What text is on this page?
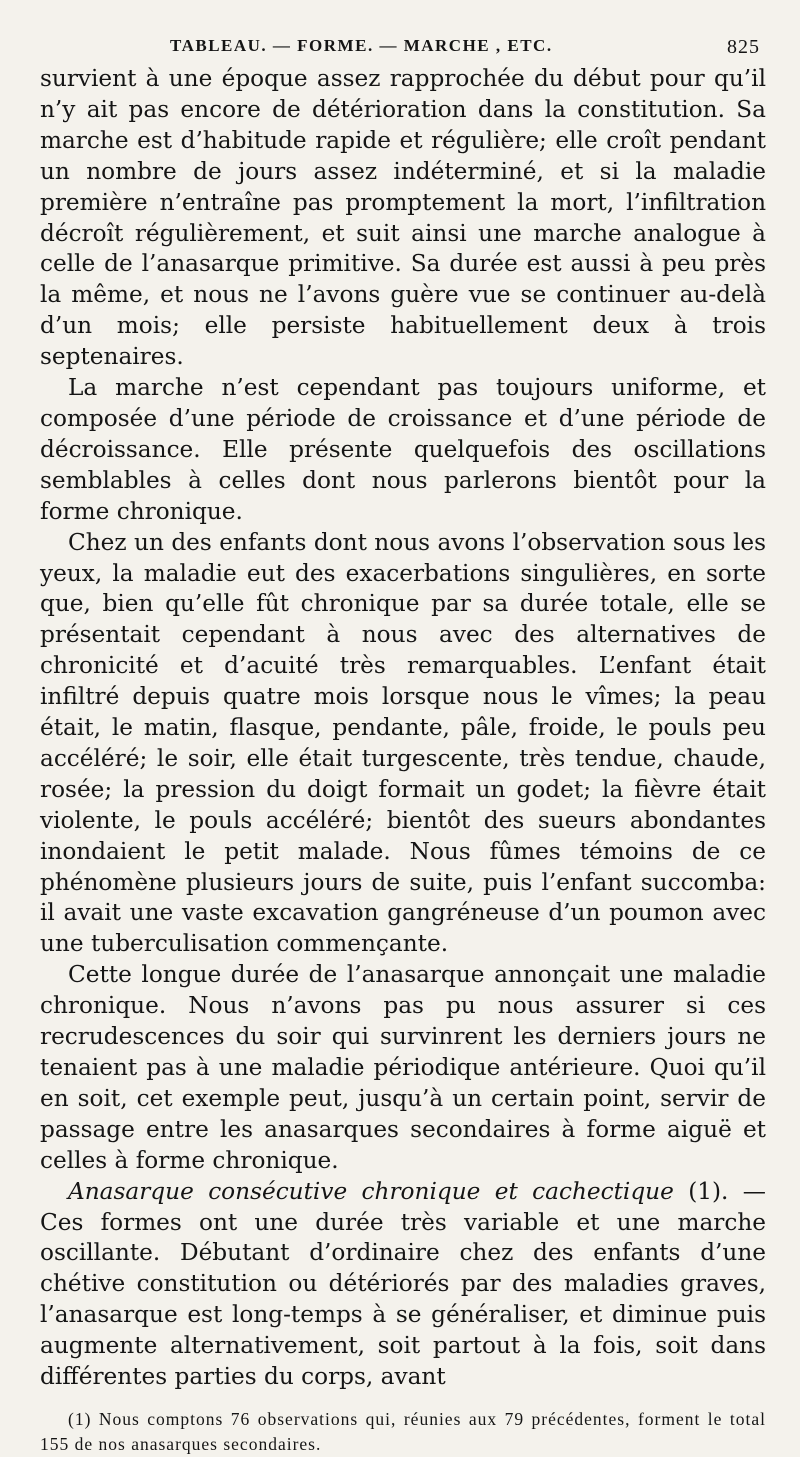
TABLEAU. — FORME. — MARCHE , ETC.	825

survient à une époque assez rapprochée du début pour qu’il n’y ait pas encore de détérioration dans la constitution. Sa marche est d’habitude rapide et régulière; elle croît pendant un nombre de jours assez indéterminé, et si la maladie première n’entraîne pas promptement la mort, l’infiltration décroît régulièrement, et suit ainsi une marche analogue à celle de l’anasarque primitive. Sa durée est aussi à peu près la même, et nous ne l’avons guère vue se continuer au-delà d’un mois; elle persiste habituellement deux à trois septenaires.

La marche n’est cependant pas toujours uniforme, et composée d’une période de croissance et d’une période de décroissance. Elle présente quelquefois des oscillations semblables à celles dont nous parlerons bientôt pour la forme chronique.

Chez un des enfants dont nous avons l’observation sous les yeux, la maladie eut des exacerbations singulières, en sorte que, bien qu’elle fût chronique par sa durée totale, elle se présentait cependant à nous avec des alternatives de chronicité et d’acuité très remarquables. L’enfant était infiltré depuis quatre mois lorsque nous le vîmes; la peau était, le matin, flasque, pendante, pâle, froide, le pouls peu accéléré; le soir, elle était turgescente, très tendue, chaude, rosée; la pression du doigt formait un godet; la fièvre était violente, le pouls accéléré; bientôt des sueurs abondantes inondaient le petit malade. Nous fûmes témoins de ce phénomène plusieurs jours de suite, puis l’enfant succomba: il avait une vaste excavation gangréneuse d’un poumon avec une tuberculisation commençante.

Cette longue durée de l’anasarque annonçait une maladie chronique. Nous n’avons pas pu nous assurer si ces recrudescences du soir qui survinrent les derniers jours ne tenaient pas à une maladie périodique antérieure. Quoi qu’il en soit, cet exemple peut, jusqu’à un certain point, servir de passage entre les anasarques secondaires à forme aiguë et celles à forme chronique.

Anasarque consécutive chronique et cachectique (1). — Ces formes ont une durée très variable et une marche oscillante. Débutant d’ordinaire chez des enfants d’une chétive constitution ou détériorés par des maladies graves, l’anasarque est long-temps à se généraliser, et diminue puis augmente alternativement, soit partout à la fois, soit dans différentes parties du corps, avant

(1) Nous comptons 76 observations qui, réunies aux 79 précédentes, forment le total 155 de nos anasarques secondaires.
